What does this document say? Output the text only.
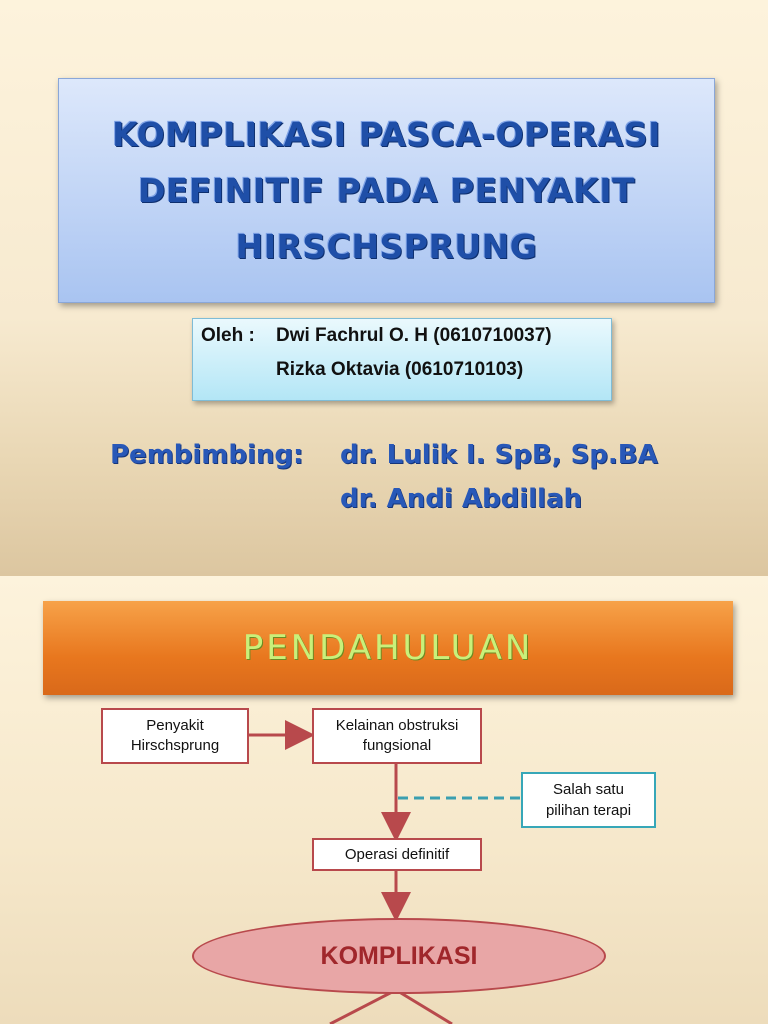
KOMPLIKASI PASCA-OPERASI
DEFINITIF PADA PENYAKIT
HIRSCHSPRUNG

Oleh : Dwi Fachrul O. H (0610710037)
Rizka Oktavia (0610710103)
Pembimbing: dr. Lulik I. SpB, Sp.BA
dr. Andi Abdillah
PENDAHULUAN
Penyakit
Hirschsprung
Kelainan obstruksi
fungsional
Salah satu
pilihan terapi
Operasi definitif
KOMPLIKASI
